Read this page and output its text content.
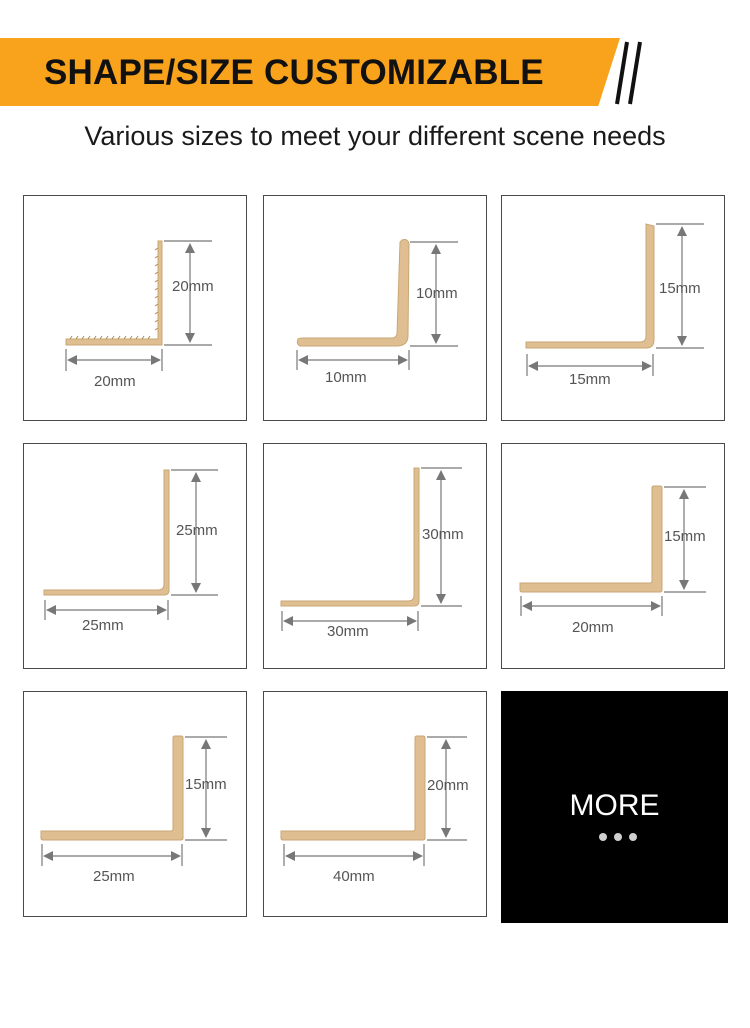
SHAPE/SIZE CUSTOMIZABLE

Various sizes to meet your different scene needs

20mm
20mm
10mm
10mm
15mm
15mm
25mm
25mm
30mm
30mm
15mm
20mm
15mm
25mm
20mm
40mm
MORE
